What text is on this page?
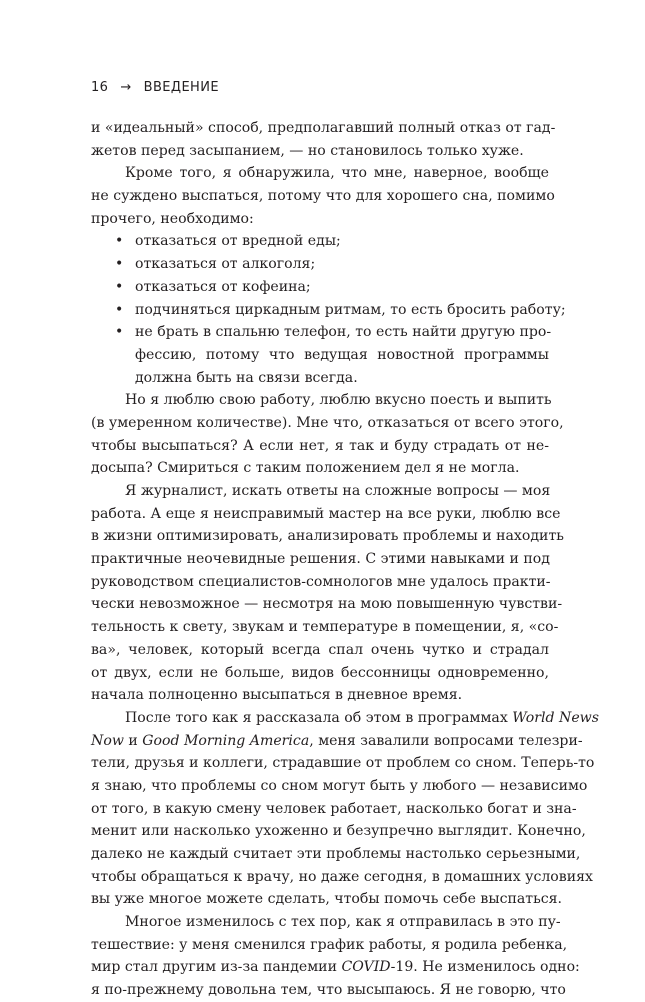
16 → ВВЕДЕНИЕ
и «идеальный» способ, предполагавший полный отказ от гад-
жетов перед засыпанием, — но становилось только хуже.
Кроме того, я обнаружила, что мне, наверное, вообще
не суждено выспаться, потому что для хорошего сна, помимо
прочего, необходимо:
• отказаться от вредной еды;
• отказаться от алкоголя;
• отказаться от кофеина;
• подчиняться циркадным ритмам, то есть бросить работу;
• не брать в спальню телефон, то есть найти другую про-
фессию, потому что ведущая новостной программы
должна быть на связи всегда.
Но я люблю свою работу, люблю вкусно поесть и выпить
(в умеренном количестве). Мне что, отказаться от всего этого,
чтобы высыпаться? А если нет, я так и буду страдать от не-
досыпа? Смириться с таким положением дел я не могла.
Я журналист, искать ответы на сложные вопросы — моя
работа. А еще я неисправимый мастер на все руки, люблю все
в жизни оптимизировать, анализировать проблемы и находить
практичные неочевидные решения. С этими навыками и под
руководством специалистов-сомнологов мне удалось практи-
чески невозможное — несмотря на мою повышенную чувстви-
тельность к свету, звукам и температуре в помещении, я, «со-
ва», человек, который всегда спал очень чутко и страдал
от двух, если не больше, видов бессонницы одновременно,
начала полноценно высыпаться в дневное время.
После того как я рассказала об этом в программах World News
Now и Good Morning America, меня завалили вопросами телезри-
тели, друзья и коллеги, страдавшие от проблем со сном. Теперь-то
я знаю, что проблемы со сном могут быть у любого — независимо
от того, в какую смену человек работает, насколько богат и зна-
менит или насколько ухоженно и безупречно выглядит. Конечно,
далеко не каждый считает эти проблемы настолько серьезными,
чтобы обращаться к врачу, но даже сегодня, в домашних условиях
вы уже многое можете сделать, чтобы помочь себе выспаться.
Многое изменилось с тех пор, как я отправилась в это пу-
тешествие: у меня сменился график работы, я родила ребенка,
мир стал другим из-за пандемии COVID-19. Не изменилось одно:
я по-прежнему довольна тем, что высыпаюсь. Я не говорю, что
